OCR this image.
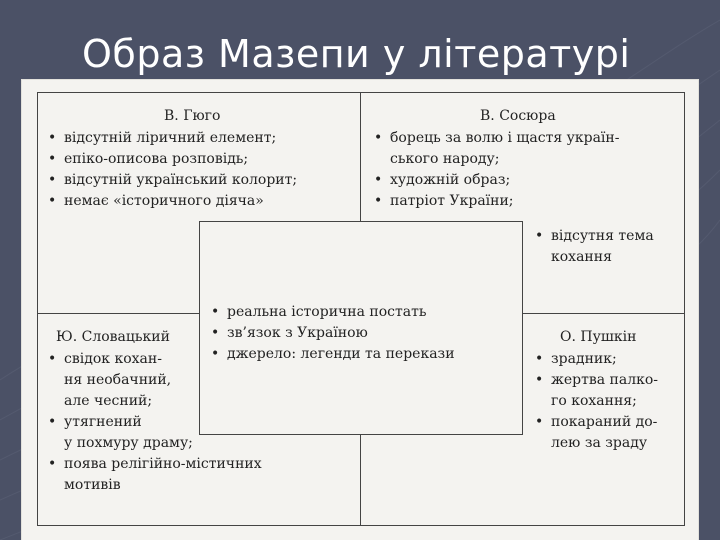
Образ Мазепи у літературі
В. Гюго
• відсутній ліричний елемент;
• епіко-описова розповідь;
• відсутній український колорит;
• немає «історичного діяча»
В. Сосюра
• борець за волю і щастя україн-
ського народу;
• художній образ;
• патріот України;
• відсутня тема
кохання
• реальна історична постать
• зв’язок з Україною
• джерело: легенди та перекази
Ю. Словацький
• свідок кохан-
ня необачний,
але чесний;
• утягнений
у похмуру драму;
• поява релігійно-містичних
мотивів
О. Пушкін
• зрадник;
• жертва палко-
го кохання;
• покараний до-
лею за зраду
